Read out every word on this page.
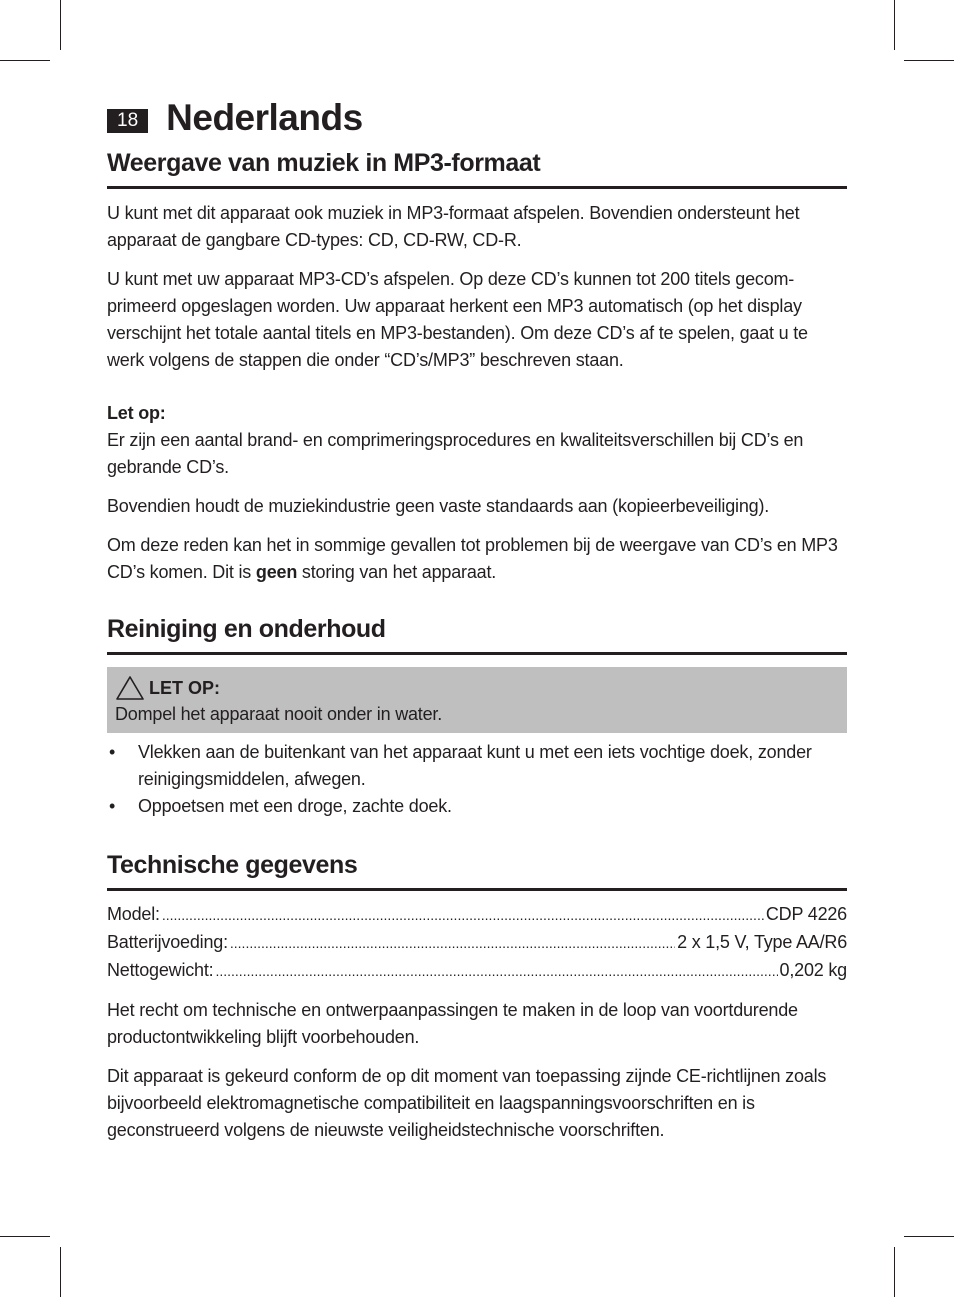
18 Nederlands
Weergave van muziek in MP3-formaat

U kunt met dit apparaat ook muziek in MP3-formaat afspelen. Bovendien ondersteunt het apparaat de gangbare CD-types: CD, CD-RW, CD-R.

U kunt met uw apparaat MP3-CD’s afspelen. Op deze CD’s kunnen tot 200 titels gecomprimeerd opgeslagen worden. Uw apparaat herkent een MP3 automatisch (op het display verschijnt het totale aantal titels en MP3-bestanden). Om deze CD’s af te spelen, gaat u te werk volgens de stappen die onder “CD’s/MP3” beschreven staan.

Let op:

Er zijn een aantal brand- en comprimeringsprocedures en kwaliteitsverschillen bij CD’s en gebrande CD’s.

Bovendien houdt de muziekindustrie geen vaste standaards aan (kopieerbeveiliging).

Om deze reden kan het in sommige gevallen tot problemen bij de weergave van CD’s en MP3 CD’s komen. Dit is geen storing van het apparaat.

Reiniging en onderhoud
LET OP:
Dompel het apparaat nooit onder in water.
• Vlekken aan de buitenkant van het apparaat kunt u met een iets vochtige doek, zonder reinigingsmiddelen, afwegen.
• Oppoetsen met een droge, zachte doek.
Technische gegevens
Model: .....	CDP 4226
Batterijvoeding: .....	2 x 1,5 V, Type AA/R6
Nettogewicht: .....	0,202 kg

Het recht om technische en ontwerpaanpassingen te maken in de loop van voortdurende productontwikkeling blijft voorbehouden.

Dit apparaat is gekeurd conform de op dit moment van toepassing zijnde CE-richtlijnen zoals bijvoorbeeld elektromagnetische compatibiliteit en laagspanningsvoorschriften en is geconstrueerd volgens de nieuwste veiligheidstechnische voorschriften.
